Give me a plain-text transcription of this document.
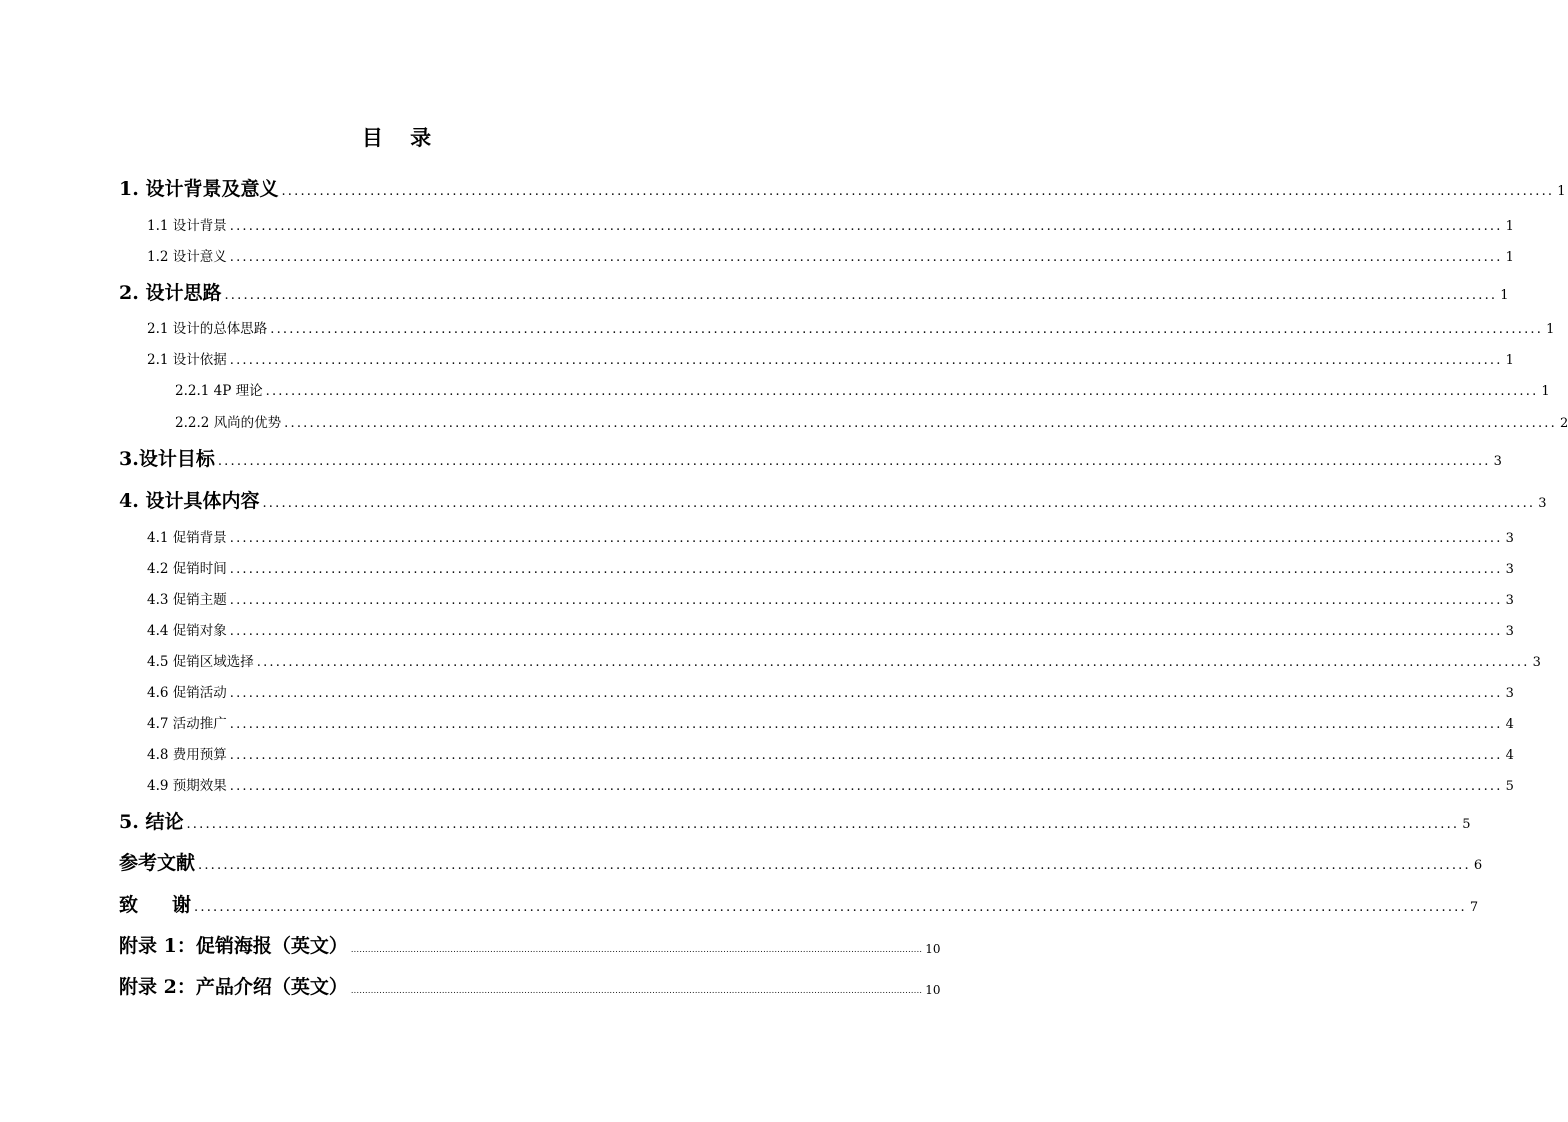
目 录
1. 设计背景及意义 ......................................................................................................................................................................................................... 1
1.1 设计背景 ......................................................................................................................................................................................................... 1
1.2 设计意义 ......................................................................................................................................................................................................... 1
2. 设计思路 ......................................................................................................................................................................................................... 1
2.1 设计的总体思路 ......................................................................................................................................................................................................... 1
2.1 设计依据 ......................................................................................................................................................................................................... 1
2.2.1 4P 理论 ......................................................................................................................................................................................................... 1
2.2.2 风尚的优势 ......................................................................................................................................................................................................... 2
3.设计目标 ......................................................................................................................................................................................................... 3
4. 设计具体内容 ......................................................................................................................................................................................................... 3
4.1 促销背景 ......................................................................................................................................................................................................... 3
4.2 促销时间 ......................................................................................................................................................................................................... 3
4.3 促销主题 ......................................................................................................................................................................................................... 3
4.4 促销对象 ......................................................................................................................................................................................................... 3
4.5 促销区域选择 ......................................................................................................................................................................................................... 3
4.6 促销活动 ......................................................................................................................................................................................................... 3
4.7 活动推广 ......................................................................................................................................................................................................... 4
4.8 费用预算 ......................................................................................................................................................................................................... 4
4.9 预期效果 ......................................................................................................................................................................................................... 5
5. 结论 ......................................................................................................................................................................................................... 5
参考文献 ......................................................................................................................................................................................................... 6
致 谢 ......................................................................................................................................................................................................... 7
附录 1：促销海报（英文） ......................................................................................................................................................................................................... 10
附录 2：产品介绍（英文） ......................................................................................................................................................................................................... 10
